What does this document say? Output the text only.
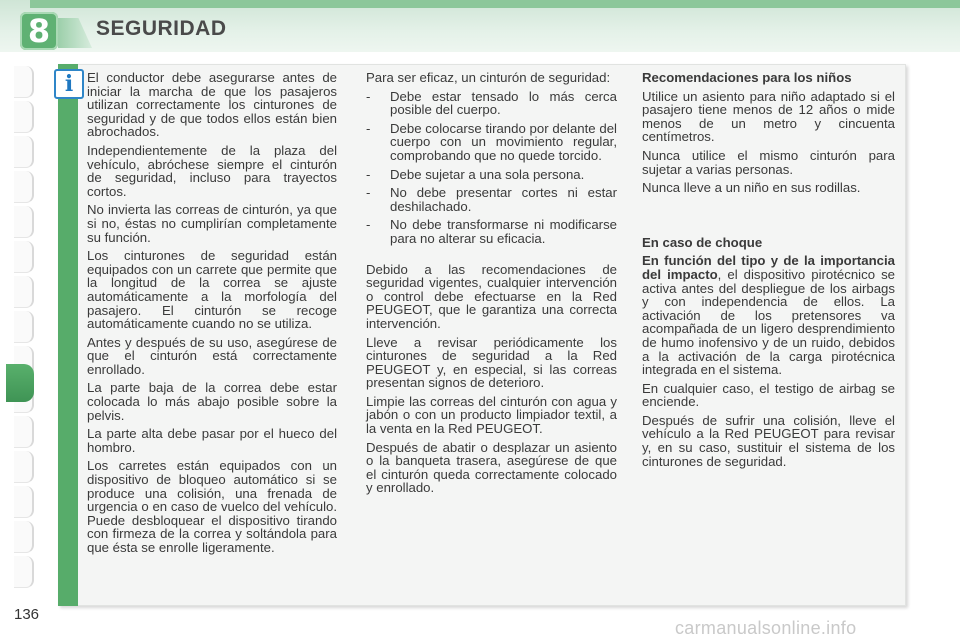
8	SEGURIDAD
i	El conductor debe asegurarse antes de iniciar la marcha de que los pasajeros utilizan correctamente los cinturones de seguridad y de que todos ellos están bien abrochados.

Independientemente de la plaza del vehículo, abróchese siempre el cinturón de seguridad, incluso para trayectos cortos.

No invierta las correas de cinturón, ya que si no, éstas no cumplirían completamente su función.

Los cinturones de seguridad están equipados con un carrete que permite que la longitud de la correa se ajuste automáticamente a la morfología del pasajero. El cinturón se recoge automáticamente cuando no se utiliza.

Antes y después de su uso, asegúrese de que el cinturón está correctamente enrollado.

La parte baja de la correa debe estar colocada lo más abajo posible sobre la pelvis.

La parte alta debe pasar por el hueco del hombro.

Los carretes están equipados con un dispositivo de bloqueo automático si se produce una colisión, una frenada de urgencia o en caso de vuelco del vehículo. Puede desbloquear el dispositivo tirando con firmeza de la correa y soltándola para que ésta se enrolle ligeramente.

Para ser eficaz, un cinturón de seguridad:

- Debe estar tensado lo más cerca posible del cuerpo.
- Debe colocarse tirando por delante del cuerpo con un movimiento regular, comprobando que no quede torcido.
- Debe sujetar a una sola persona.
- No debe presentar cortes ni estar deshilachado.
- No debe transformarse ni modificarse para no alterar su eficacia.

Debido a las recomendaciones de seguridad vigentes, cualquier intervención o control debe efectuarse en la Red PEUGEOT, que le garantiza una correcta intervención.

Lleve a revisar periódicamente los cinturones de seguridad a la Red PEUGEOT y, en especial, si las correas presentan signos de deterioro.

Limpie las correas del cinturón con agua y jabón o con un producto limpiador textil, a la venta en la Red PEUGEOT.

Después de abatir o desplazar un asiento o la banqueta trasera, asegúrese de que el cinturón queda correctamente colocado y enrollado.

Recomendaciones para los niños

Utilice un asiento para niño adaptado si el pasajero tiene menos de 12 años o mide menos de un metro y cincuenta centímetros.

Nunca utilice el mismo cinturón para sujetar a varias personas.

Nunca lleve a un niño en sus rodillas.

En caso de choque

En función del tipo y de la importancia del impacto, el dispositivo pirotécnico se activa antes del despliegue de los airbags y con independencia de ellos. La activación de los pretensores va acompañada de un ligero desprendimiento de humo inofensivo y de un ruido, debidos a la activación de la carga pirotécnica integrada en el sistema.

En cualquier caso, el testigo de airbag se enciende.

Después de sufrir una colisión, lleve el vehículo a la Red PEUGEOT para revisar y, en su caso, sustituir el sistema de los cinturones de seguridad.

136
carmanualsonline.info
